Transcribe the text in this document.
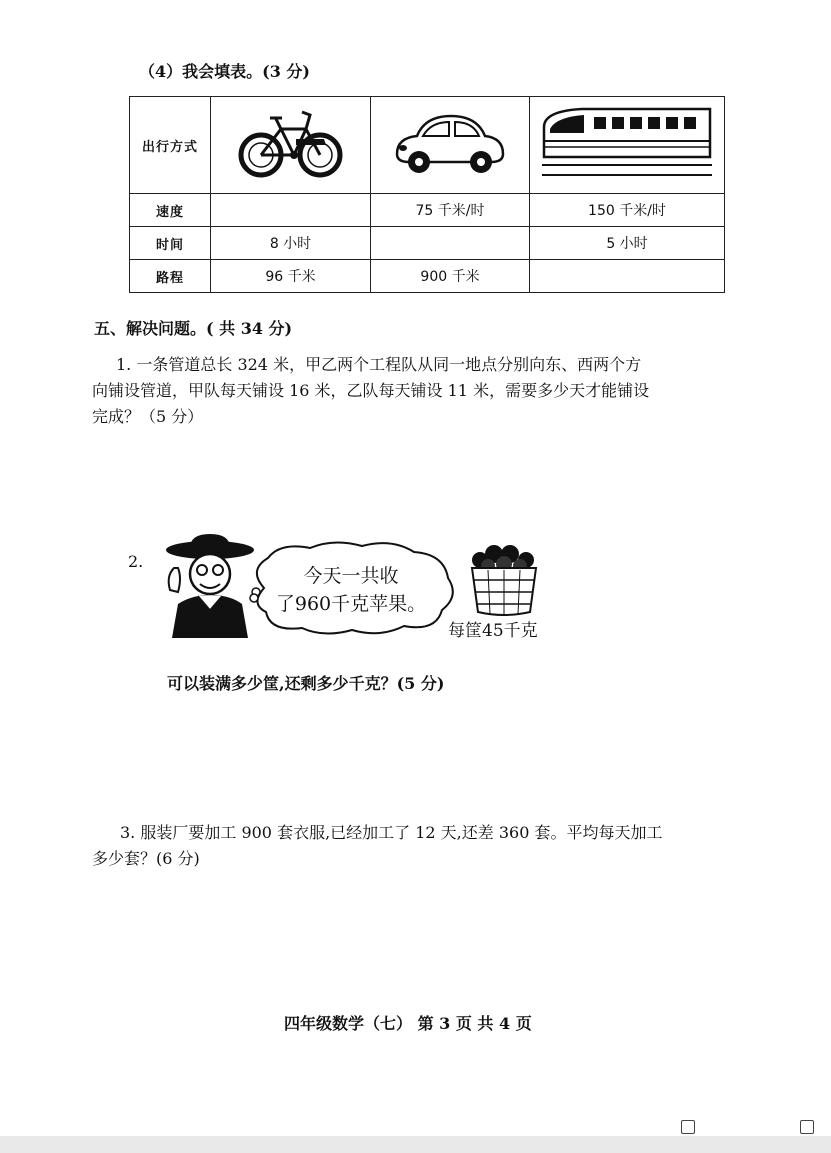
（4）我会填表。(3 分)
出行方式			
速度		75 千米/时	150 千米/时
时间	8 小时		5 小时
路程	96 千米	900 千米	
五、解决问题。( 共 34 分)
1. 一条管道总长 324 米，甲乙两个工程队从同一地点分别向东、西两个方
向铺设管道，甲队每天铺设 16 米，乙队每天铺设 11 米，需要多少天才能铺设
完成？（5 分）
2.
今天一共收
了960千克苹果。
每筐45千克
可以装满多少筐,还剩多少千克？(5 分)
3. 服装厂要加工 900 套衣服,已经加工了 12 天,还差 360 套。平均每天加工
多少套？(6 分)
四年级数学（七） 第 3 页 共 4 页
